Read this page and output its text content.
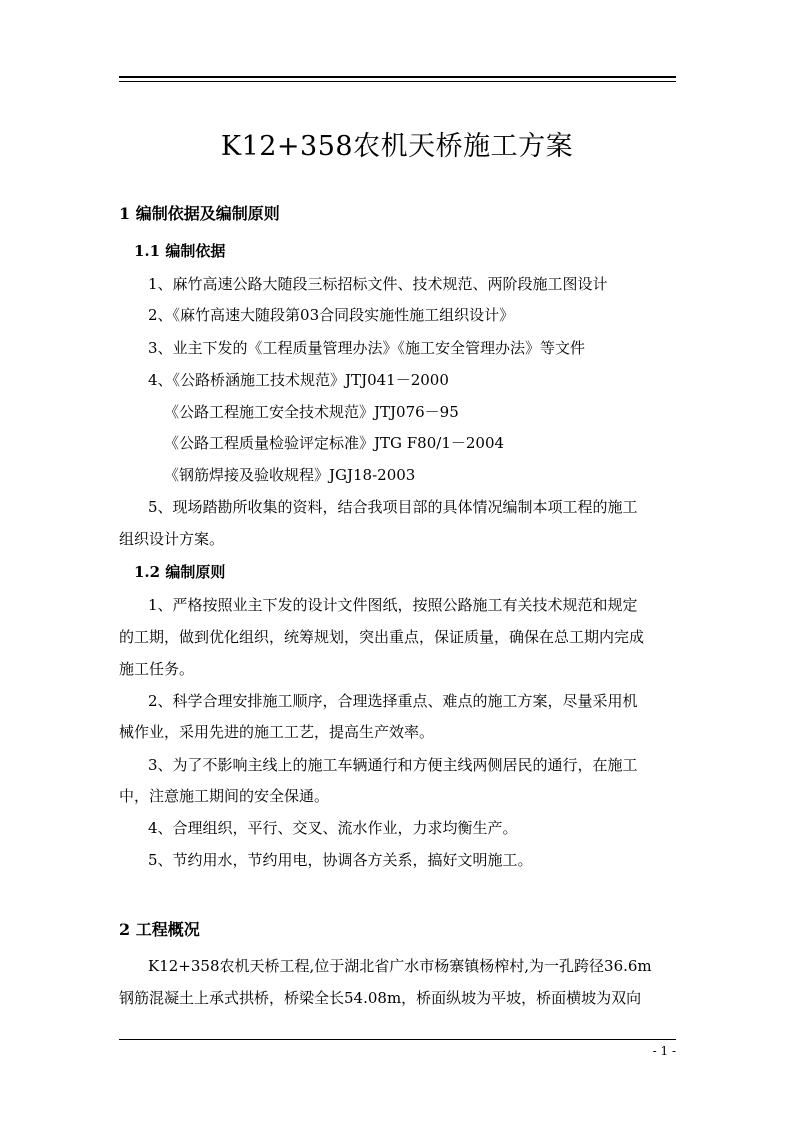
K12+358农机天桥施工方案
1 编制依据及编制原则
1.1 编制依据
1、麻竹高速公路大随段三标招标文件、技术规范、两阶段施工图设计
2、《麻竹高速大随段第03合同段实施性施工组织设计》
3、业主下发的《工程质量管理办法》《施工安全管理办法》等文件
4、《公路桥涵施工技术规范》JTJ041－2000
《公路工程施工安全技术规范》JTJ076－95
《公路工程质量检验评定标准》JTG F80/1－2004
《钢筋焊接及验收规程》JGJ18-2003
5、现场踏勘所收集的资料，结合我项目部的具体情况编制本项工程的施工
组织设计方案。
1.2 编制原则
1、严格按照业主下发的设计文件图纸，按照公路施工有关技术规范和规定
的工期，做到优化组织，统筹规划，突出重点，保证质量，确保在总工期内完成
施工任务。
2、科学合理安排施工顺序，合理选择重点、难点的施工方案，尽量采用机
械作业，采用先进的施工工艺，提高生产效率。
3、为了不影响主线上的施工车辆通行和方便主线两侧居民的通行，在施工
中，注意施工期间的安全保通。
4、合理组织，平行、交叉、流水作业，力求均衡生产。
5、节约用水，节约用电，协调各方关系，搞好文明施工。
2 工程概况
K12+358农机天桥工程,位于湖北省广水市杨寨镇杨榨村,为一孔跨径36.6m
钢筋混凝土上承式拱桥，桥梁全长54.08m，桥面纵坡为平坡，桥面横坡为双向
- 1 -
